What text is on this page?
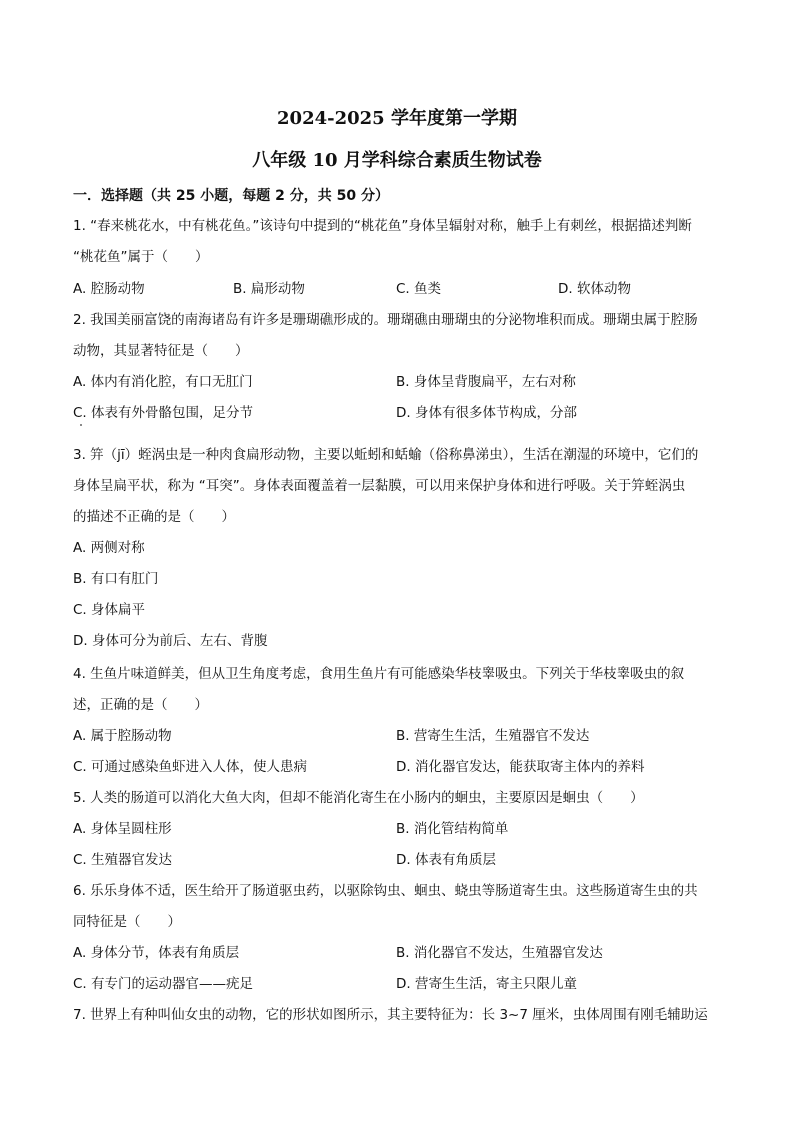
2024-2025 学年度第一学期
八年级 10 月学科综合素质生物试卷
一．选择题（共 25 小题，每题 2 分，共 50 分）
1. “春来桃花水，中有桃花鱼。”该诗句中提到的“桃花鱼”身体呈辐射对称，触手上有刺丝，根据描述判断
“桃花鱼”属于（　　）
A. 腔肠动物	B. 扁形动物	C. 鱼类	D. 软体动物
2. 我国美丽富饶的南海诸岛有许多是珊瑚礁形成的。珊瑚礁由珊瑚虫的分泌物堆积而成。珊瑚虫属于腔肠
动物，其显著特征是（　　）
A. 体内有消化腔，有口无肛门	B. 身体呈背腹扁平，左右对称
C. 体表有外骨骼包围，足分节	D. 身体有很多体节构成，分部
3. 笄（jī）蛭涡虫是一种肉食扁形动物，主要以蚯蚓和蛞蝓（俗称鼻涕虫），生活在潮湿的环境中，它们的
身体呈扁平状，称为 “耳突”。身体表面覆盖着一层黏膜，可以用来保护身体和进行呼吸。关于笄蛭涡虫
的描述不正确的是（　　）
A. 两侧对称
B. 有口有肛门
C. 身体扁平
D. 身体可分为前后、左右、背腹
4. 生鱼片味道鲜美，但从卫生角度考虑，食用生鱼片有可能感染华枝睾吸虫。下列关于华枝睾吸虫的叙
述，正确的是（　　）
A. 属于腔肠动物	B. 营寄生生活，生殖器官不发达
C. 可通过感染鱼虾进入人体，使人患病	D. 消化器官发达，能获取寄主体内的养料
5. 人类的肠道可以消化大鱼大肉，但却不能消化寄生在小肠内的蛔虫，主要原因是蛔虫（　　）
A. 身体呈圆柱形	B. 消化管结构简单
C. 生殖器官发达	D. 体表有角质层
6. 乐乐身体不适，医生给开了肠道驱虫药，以驱除钩虫、蛔虫、蛲虫等肠道寄生虫。这些肠道寄生虫的共
同特征是（　　）
A. 身体分节，体表有角质层	B. 消化器官不发达，生殖器官发达
C. 有专门的运动器官——疣足	D. 营寄生生活，寄主只限儿童
7. 世界上有种叫仙女虫的动物，它的形状如图所示，其主要特征为：长 3~7 厘米，虫体周围有刚毛辅助运
